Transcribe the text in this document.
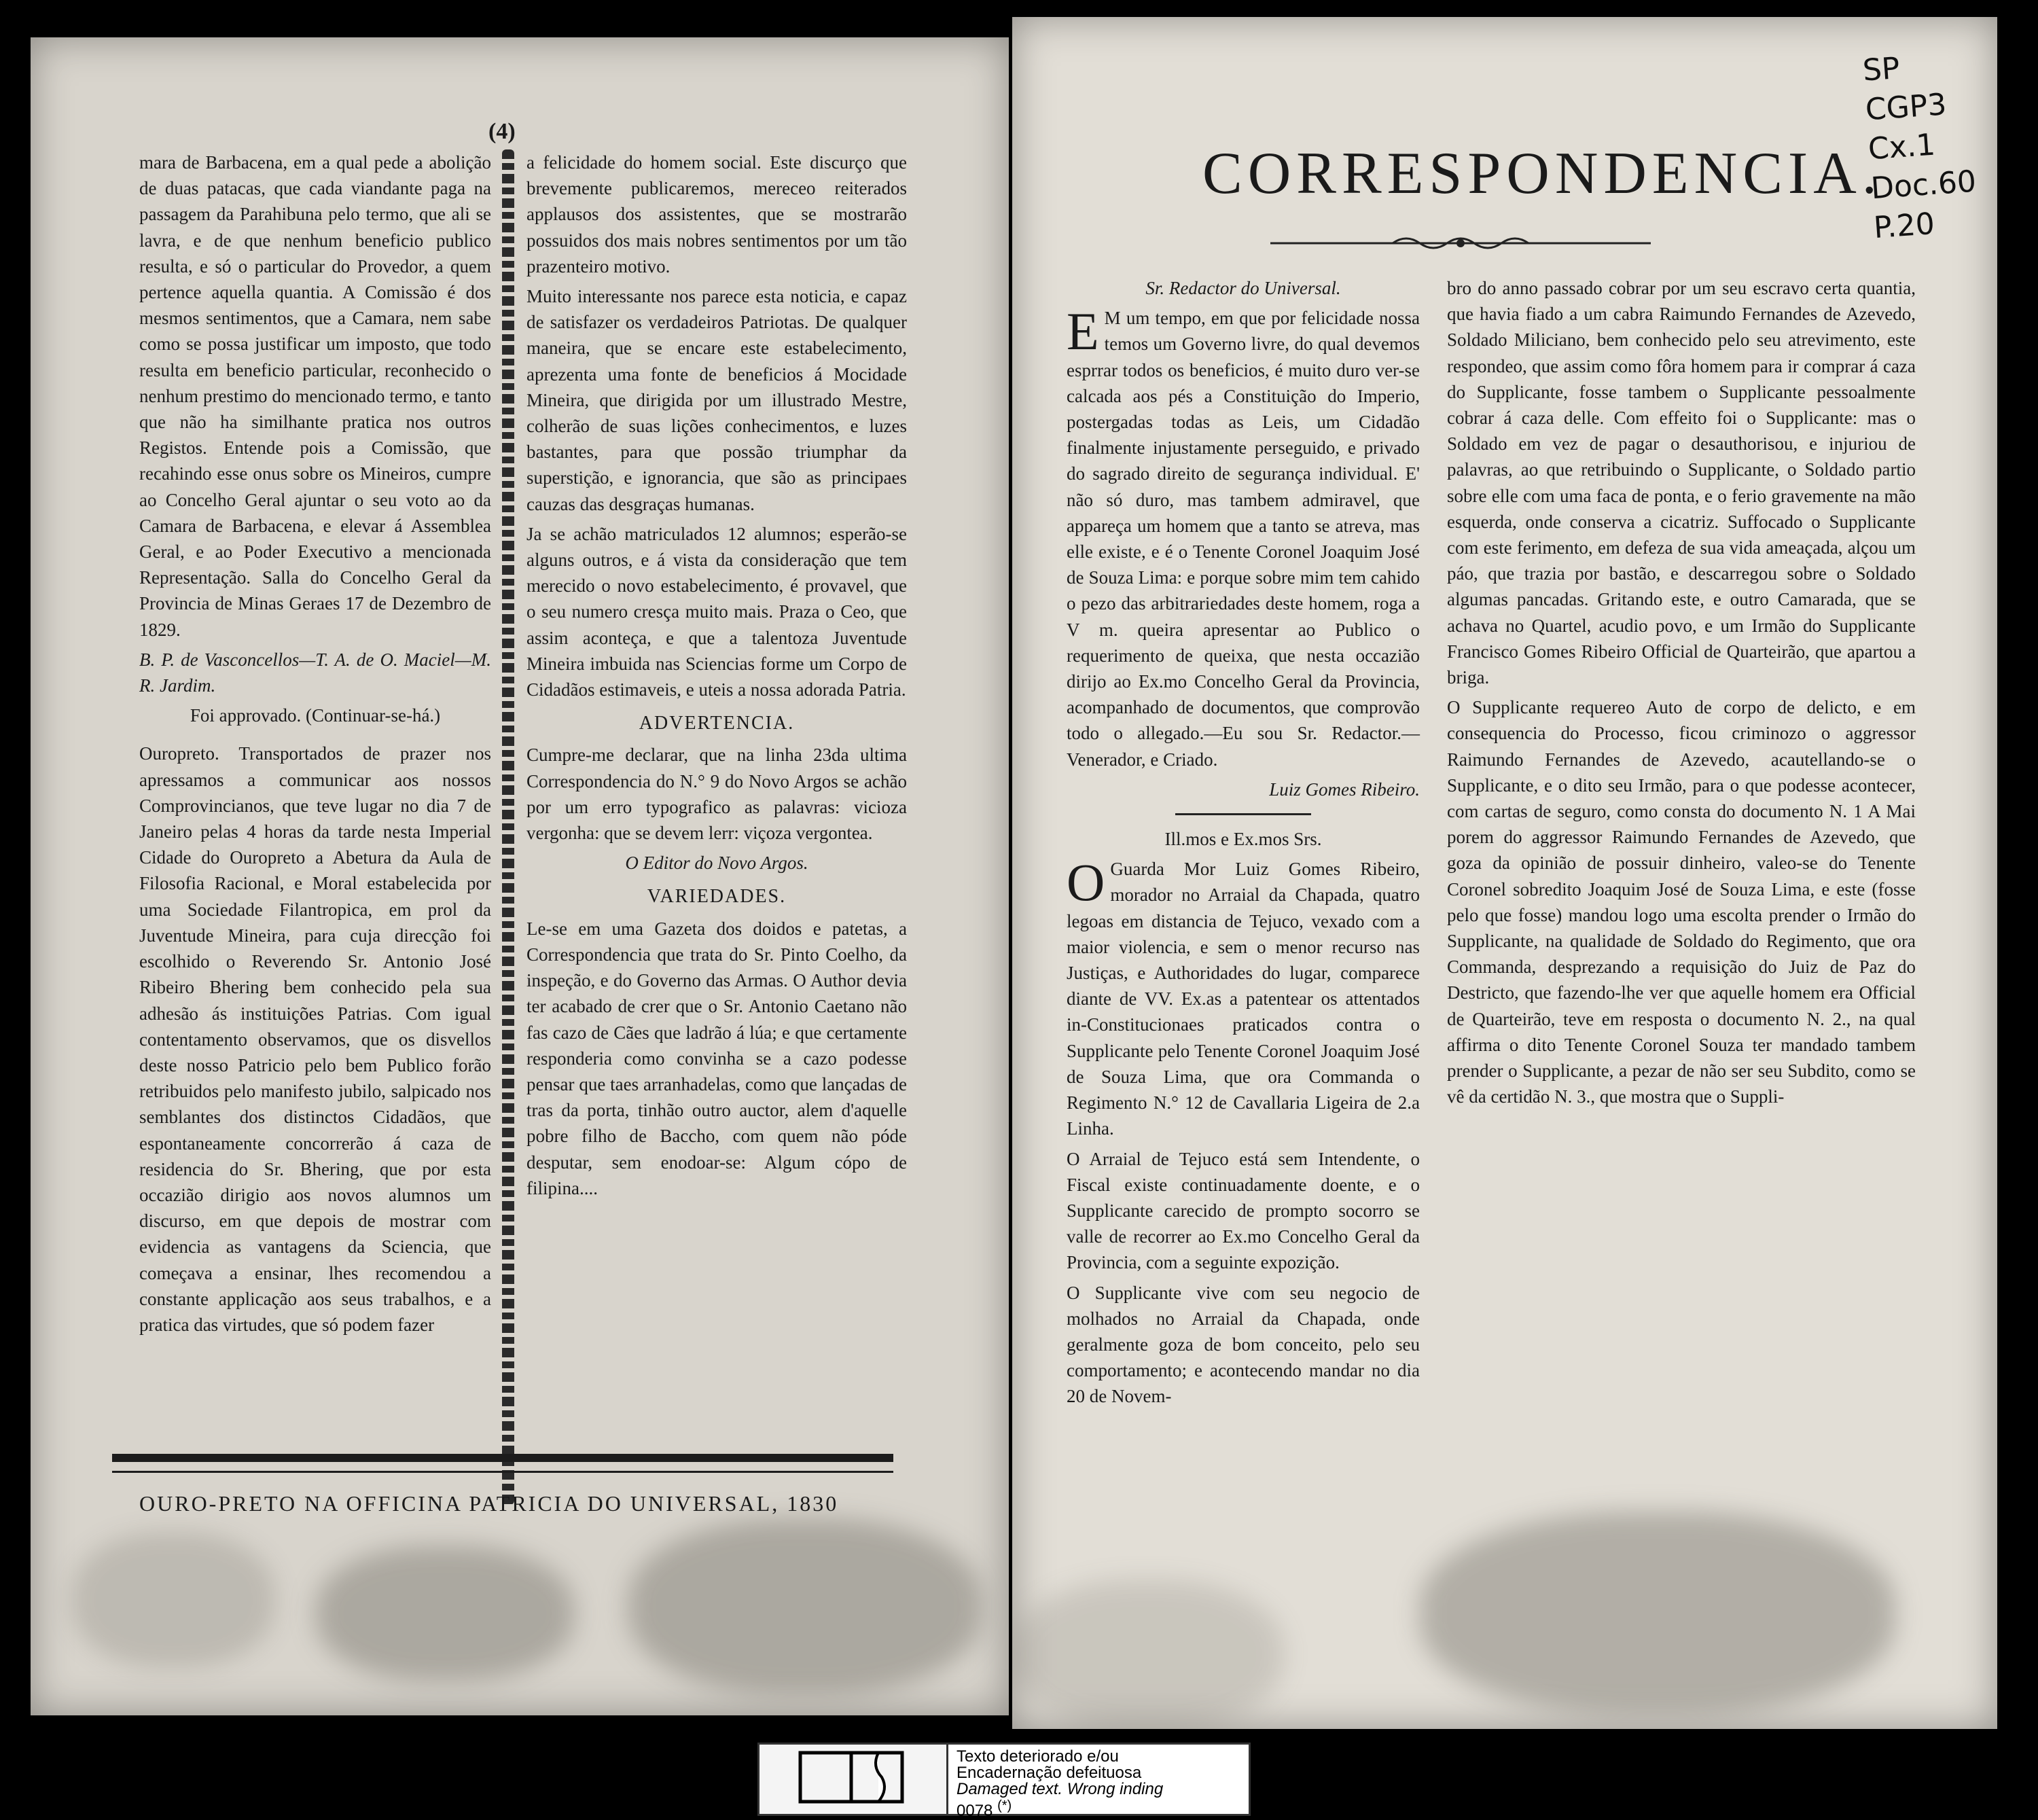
(4)

mara de Barbacena, em a qual pede a abolição de duas patacas, que cada viandante paga na passagem da Parahibuna pelo termo, que ali se lavra, e de que nenhum beneficio publico resulta, e só o particular do Provedor, a quem pertence aquella quantia. A Comissão é dos mesmos sentimentos, que a Camara, nem sabe como se possa justificar um imposto, que todo resulta em beneficio particular, reconhecido o nenhum prestimo do mencionado termo, e tanto que não ha similhante pratica nos outros Registos. Entende pois a Comissão, que recahindo esse onus sobre os Mineiros, cumpre ao Concelho Geral ajuntar o seu voto ao da Camara de Barbacena, e elevar á Assemblea Geral, e ao Poder Executivo a mencionada Representação. Salla do Concelho Geral da Provincia de Minas Geraes 17 de Dezembro de 1829.

B. P. de Vasconcellos—T. A. de O. Maciel—M. R. Jardim.

Foi approvado. (Continuar-se-há.)

Ouropreto. Transportados de prazer nos apressamos a communicar aos nossos Comprovincianos, que teve lugar no dia 7 de Janeiro pelas 4 horas da tarde nesta Imperial Cidade do Ouropreto a Abetura da Aula de Filosofia Racional, e Moral estabelecida por uma Sociedade Filantropica, em prol da Juventude Mineira, para cuja direcção foi escolhido o Reverendo Sr. Antonio José Ribeiro Bhering bem conhecido pela sua adhesão ás instituições Patrias. Com igual contentamento observamos, que os disvellos deste nosso Patricio pelo bem Publico forão retribuidos pelo manifesto jubilo, salpicado nos semblantes dos distinctos Cidadãos, que espontaneamente concorrerão á caza de residencia do Sr. Bhering, que por esta occazião dirigio aos novos alumnos um discurso, em que depois de mostrar com evidencia as vantagens da Sciencia, que começava a ensinar, lhes recomendou a constante applicação aos seus trabalhos, e a pratica das virtudes, que só podem fazer

a felicidade do homem social. Este discurço que brevemente publicaremos, mereceo reiterados applausos dos assistentes, que se mostrarão possuidos dos mais nobres sentimentos por um tão prazenteiro motivo.

Muito interessante nos parece esta noticia, e capaz de satisfazer os verdadeiros Patriotas. De qualquer maneira, que se encare este estabelecimento, aprezenta uma fonte de beneficios á Mocidade Mineira, que dirigida por um illustrado Mestre, colherão de suas lições conhecimentos, e luzes bastantes, para que possão triumphar da superstição, e ignorancia, que são as principaes cauzas das desgraças humanas.

Ja se achão matriculados 12 alumnos; esperão-se alguns outros, e á vista da consideração que tem merecido o novo estabelecimento, é provavel, que o seu numero cresça muito mais. Praza o Ceo, que assim aconteça, e que a talentoza Juventude Mineira imbuida nas Sciencias forme um Corpo de Cidadãos estimaveis, e uteis a nossa adorada Patria.

ADVERTENCIA.

Cumpre-me declarar, que na linha 23da ultima Correspondencia do N.° 9 do Novo Argos se achão por um erro typografico as palavras: vicioza vergonha: que se devem lerr: viçoza vergontea.

O Editor do Novo Argos.

VARIEDADES.

Le-se em uma Gazeta dos doidos e patetas, a Correspondencia que trata do Sr. Pinto Coelho, da inspeção, e do Governo das Armas. O Author devia ter acabado de crer que o Sr. Antonio Caetano não fas cazo de Cães que ladrão á lúa; e que certamente responderia como convinha se a cazo podesse pensar que taes arranhadelas, como que lançadas de tras da porta, tinhão outro auctor, alem d'aquelle pobre filho de Baccho, com quem não póde desputar, sem enodoar-se: Algum cópo de filipina....

OURO-PRETO NA OFFICINA PATRICIA DO UNIVERSAL, 1830
CORRESPONDENCIA.

Sr. Redactor do Universal.

E M um tempo, em que por felicidade nossa temos um Governo livre, do qual devemos esprrar todos os beneficios, é muito duro ver-se calcada aos pés a Constituição do Imperio, postergadas todas as Leis, um Cidadão finalmente injustamente perseguido, e privado do sagrado direito de segurança individual. E' não só duro, mas tambem admiravel, que appareça um homem que a tanto se atreva, mas elle existe, e é o Tenente Coronel Joaquim José de Souza Lima: e porque sobre mim tem cahido o pezo das arbitrariedades deste homem, roga a V m. queira apresentar ao Publico o requerimento de queixa, que nesta occazião dirijo ao Ex.mo Concelho Geral da Provincia, acompanhado de documentos, que comprovão todo o allegado.—Eu sou Sr. Redactor.—Venerador, e Criado.

Luiz Gomes Ribeiro.

Ill.mos e Ex.mos Srs.

O Guarda Mor Luiz Gomes Ribeiro, morador no Arraial da Chapada, quatro legoas em distancia de Tejuco, vexado com a maior violencia, e sem o menor recurso nas Justiças, e Authoridades do lugar, comparece diante de VV. Ex.as a patentear os attentados in-Constitucionaes praticados contra o Supplicante pelo Tenente Coronel Joaquim José de Souza Lima, que ora Commanda o Regimento N.° 12 de Cavallaria Ligeira de 2.a Linha.

O Arraial de Tejuco está sem Intendente, o Fiscal existe continuadamente doente, e o Supplicante carecido de prompto socorro se valle de recorrer ao Ex.mo Concelho Geral da Provincia, com a seguinte expozição.

O Supplicante vive com seu negocio de molhados no Arraial da Chapada, onde geralmente goza de bom conceito, pelo seu comportamento; e acontecendo mandar no dia 20 de Novem-

bro do anno passado cobrar por um seu escravo certa quantia, que havia fiado a um cabra Raimundo Fernandes de Azevedo, Soldado Miliciano, bem conhecido pelo seu atrevimento, este respondeo, que assim como fôra homem para ir comprar á caza do Supplicante, fosse tambem o Supplicante pessoalmente cobrar á caza delle. Com effeito foi o Supplicante: mas o Soldado em vez de pagar o desauthorisou, e injuriou de palavras, ao que retribuindo o Supplicante, o Soldado partio sobre elle com uma faca de ponta, e o ferio gravemente na mão esquerda, onde conserva a cicatriz. Suffocado o Supplicante com este ferimento, em defeza de sua vida ameaçada, alçou um páo, que trazia por bastão, e descarregou sobre o Soldado algumas pancadas. Gritando este, e outro Camarada, que se achava no Quartel, acudio povo, e um Irmão do Supplicante Francisco Gomes Ribeiro Official de Quarteirão, que apartou a briga.

O Supplicante requereo Auto de corpo de delicto, e em consequencia do Processo, ficou criminozo o aggressor Raimundo Fernandes de Azevedo, acautellando-se o Supplicante, e o dito seu Irmão, para o que podesse acontecer, com cartas de seguro, como consta do documento N. 1 A Mai porem do aggressor Raimundo Fernandes de Azevedo, que goza da opinião de possuir dinheiro, valeo-se do Tenente Coronel sobredito Joaquim José de Souza Lima, e este (fosse pelo que fosse) mandou logo uma escolta prender o Irmão do Supplicante, na qualidade de Soldado do Regimento, que ora Commanda, desprezando a requisição do Juiz de Paz do Destricto, que fazendo-lhe ver que aquelle homem era Official de Quarteirão, teve em resposta o documento N. 2., na qual affirma o dito Tenente Coronel Souza ter mandado tambem prender o Supplicante, a pezar de não ser seu Subdito, como se vê da certidão N. 3., que mostra que o Suppli-

SP
CGP3
Cx.1
Doc.60
P.20
Texto deteriorado e/ou
Encadernação defeituosa
Damaged text. Wrong inding
0078 (*)
